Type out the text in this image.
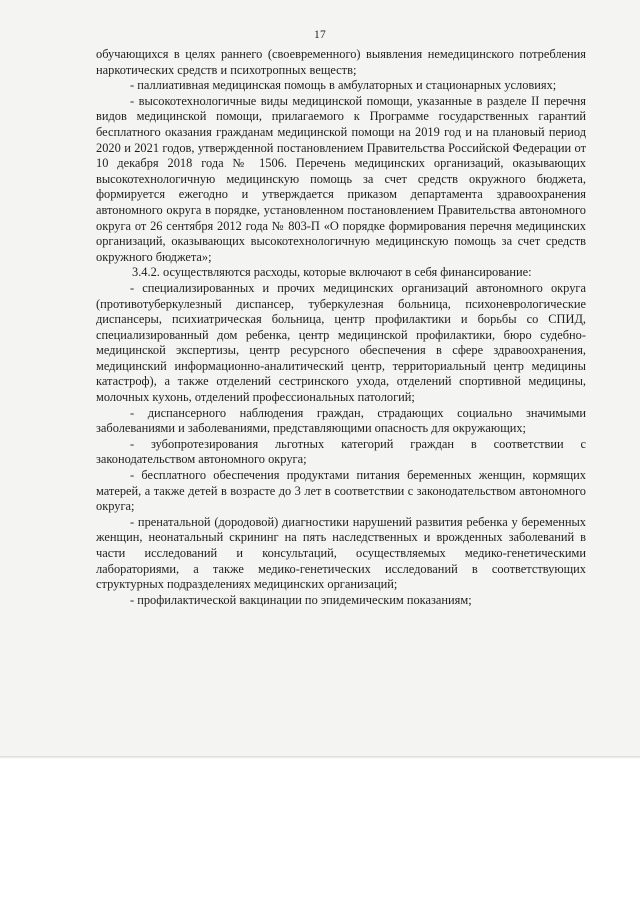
17

обучающихся в целях раннего (своевременного) выявления немедицинского потребления наркотических средств и психотропных веществ;

- паллиативная медицинская помощь в амбулаторных и стационарных условиях;

- высокотехнологичные виды медицинской помощи, указанные в разделе II перечня видов медицинской помощи, прилагаемого к Программе государственных гарантий бесплатного оказания гражданам медицинской помощи на 2019 год и на плановый период 2020 и 2021 годов, утвержденной постановлением Правительства Российской Федерации от 10 декабря 2018 года № 1506. Перечень медицинских организаций, оказывающих высокотехнологичную медицинскую помощь за счет средств окружного бюджета, формируется ежегодно и утверждается приказом департамента здравоохранения автономного округа в порядке, установленном постановлением Правительства автономного округа от 26 сентября 2012 года № 803-П «О порядке формирования перечня медицинских организаций, оказывающих высокотехнологичную медицинскую помощь за счет средств окружного бюджета»;

3.4.2. осуществляются расходы, которые включают в себя финансирование:

- специализированных и прочих медицинских организаций автономного округа (противотуберкулезный диспансер, туберкулезная больница, психоневрологические диспансеры, психиатрическая больница, центр профилактики и борьбы со СПИД, специализированный дом ребенка, центр медицинской профилактики, бюро судебно-медицинской экспертизы, центр ресурсного обеспечения в сфере здравоохранения, медицинский информационно-аналитический центр, территориальный центр медицины катастроф), а также отделений сестринского ухода, отделений спортивной медицины, молочных кухонь, отделений профессиональных патологий;

- диспансерного наблюдения граждан, страдающих социально значимыми заболеваниями и заболеваниями, представляющими опасность для окружающих;

- зубопротезирования льготных категорий граждан в соответствии с законодательством автономного округа;

- бесплатного обеспечения продуктами питания беременных женщин, кормящих матерей, а также детей в возрасте до 3 лет в соответствии с законодательством автономного округа;

- пренатальной (дородовой) диагностики нарушений развития ребенка у беременных женщин, неонатальный скрининг на пять наследственных и врожденных заболеваний в части исследований и консультаций, осуществляемых медико-генетическими лабораториями, а также медико-генетических исследований в соответствующих структурных подразделениях медицинских организаций;

- профилактической вакцинации по эпидемическим показаниям;
